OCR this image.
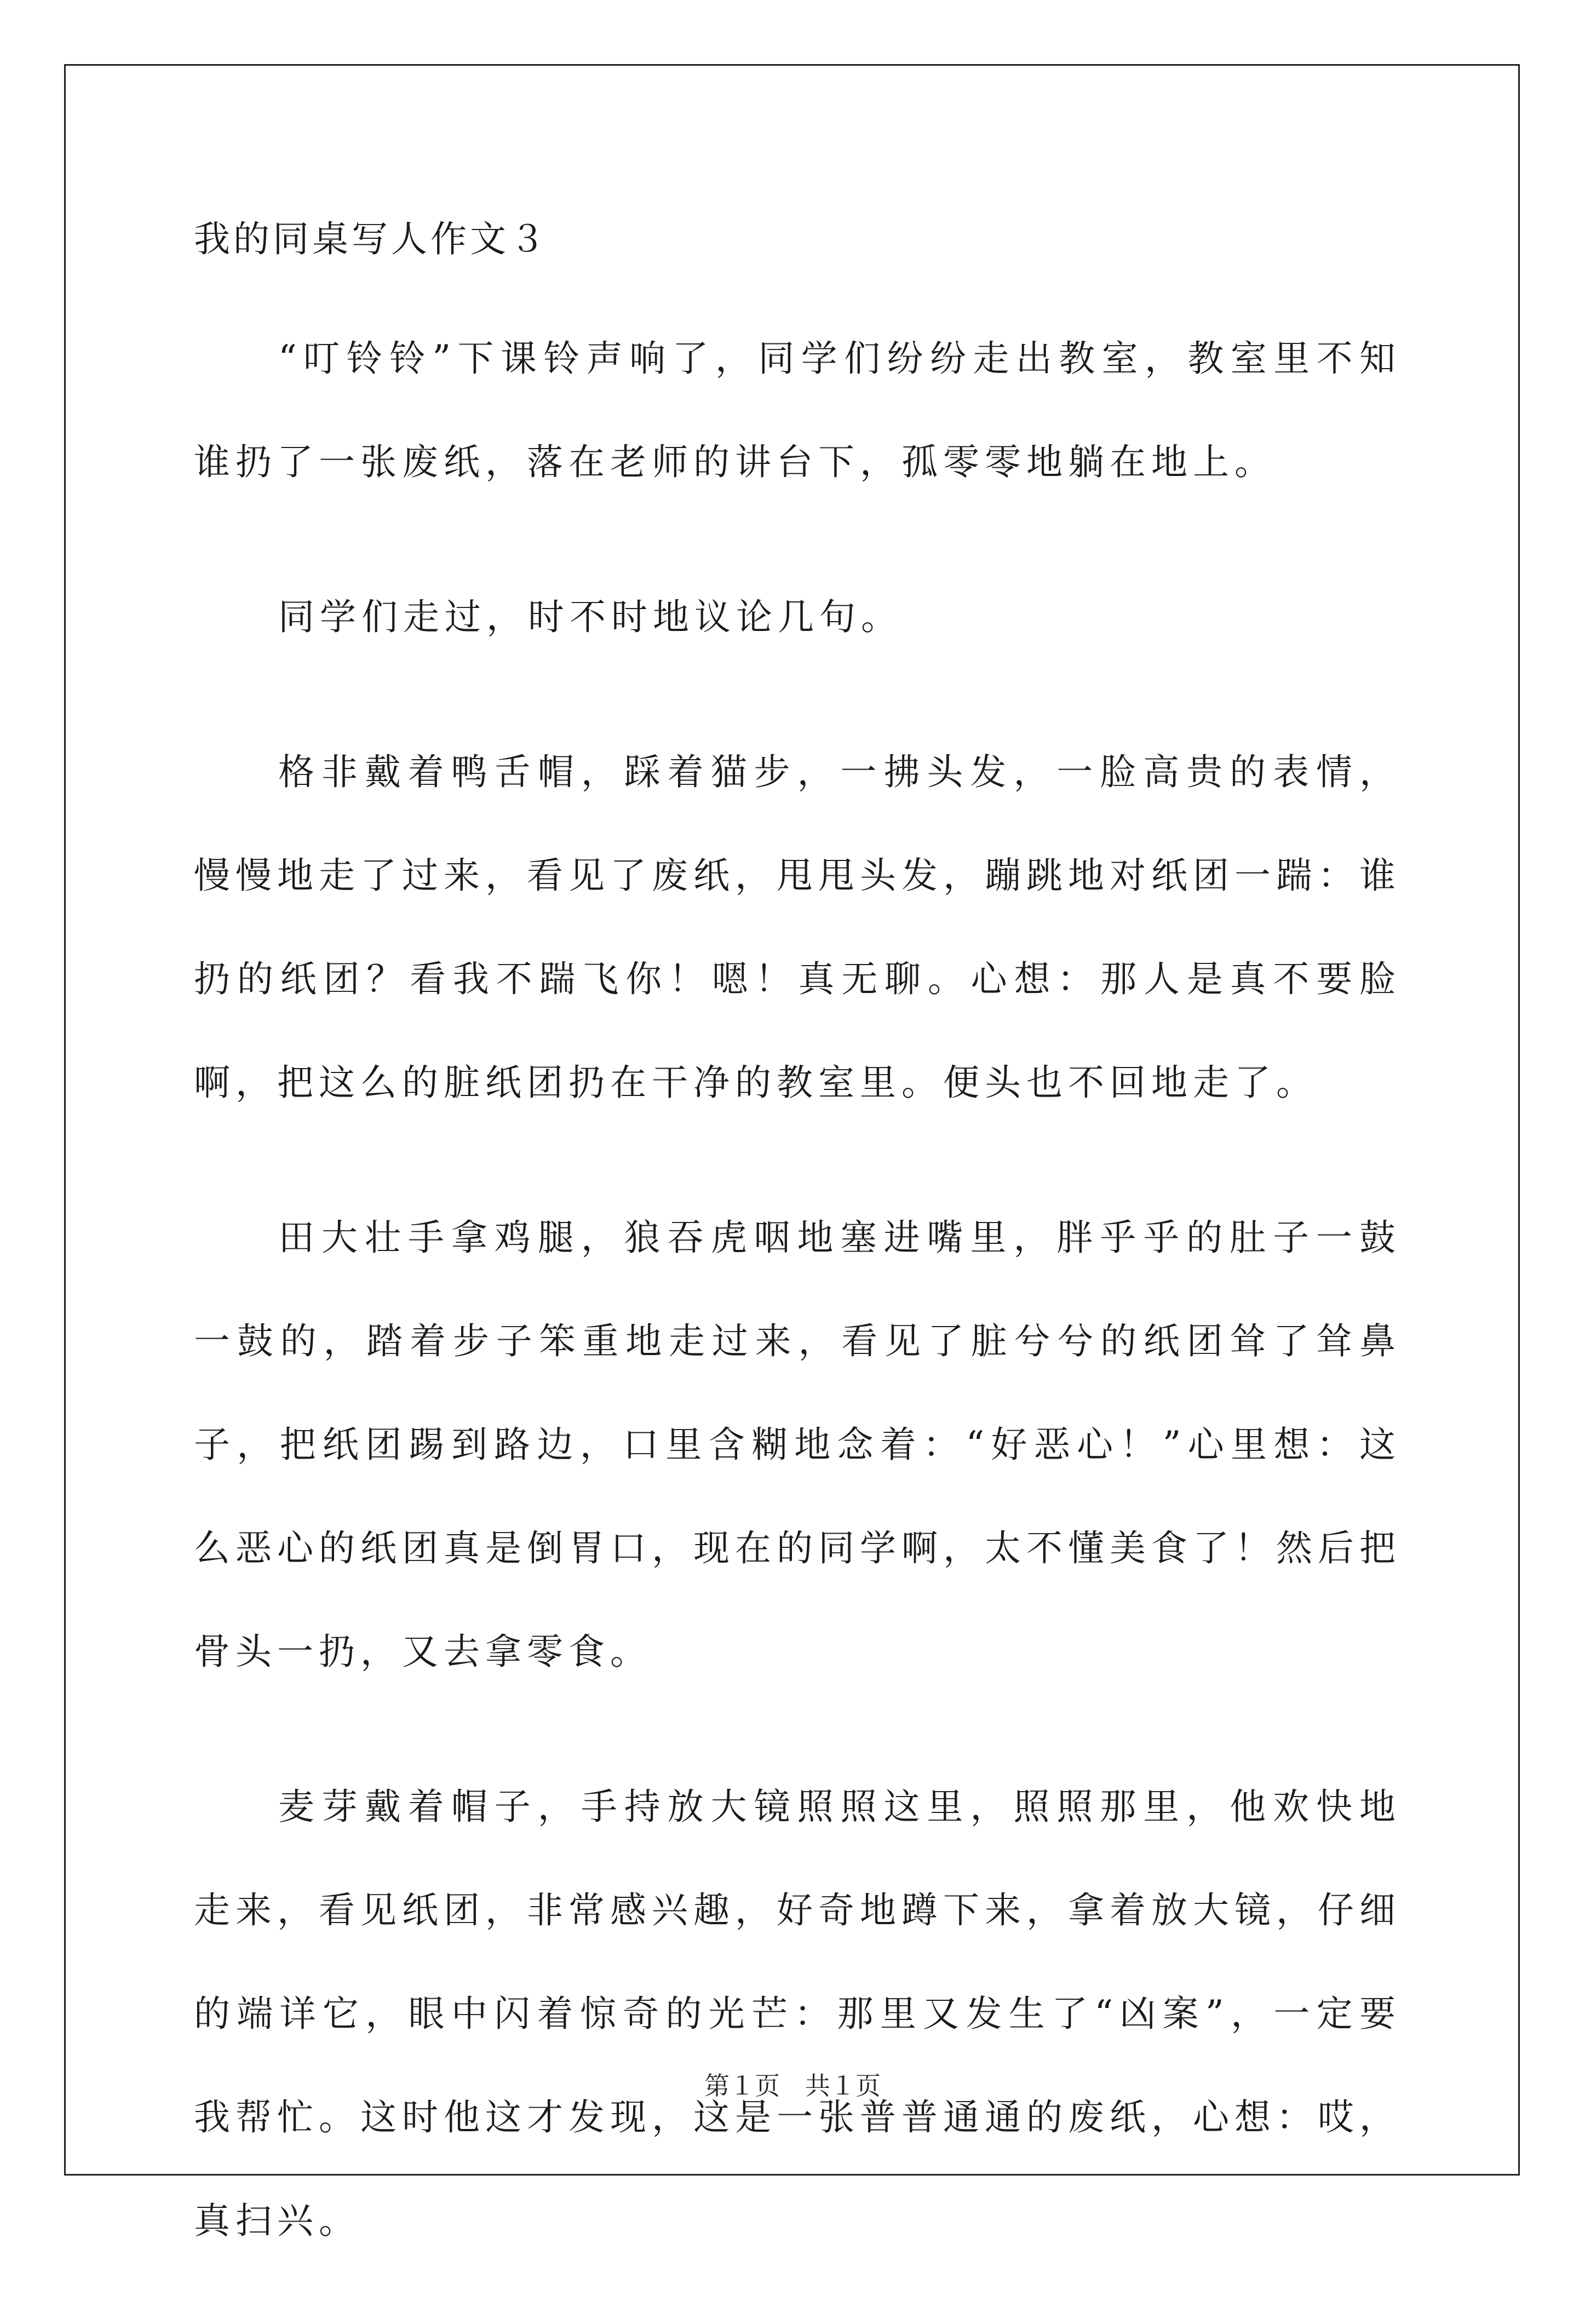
我的同桌写人作文３

“叮铃铃”下课铃声响了，同学们纷纷走出教室，教室里不知谁扔了一张废纸，落在老师的讲台下，孤零零地躺在地上。

同学们走过，时不时地议论几句。

格非戴着鸭舌帽，踩着猫步，一拂头发，一脸高贵的表情，慢慢地走了过来，看见了废纸，甩甩头发，蹦跳地对纸团一踹：谁扔的纸团？看我不踹飞你！嗯！真无聊。心想：那人是真不要脸啊，把这么的脏纸团扔在干净的教室里。便头也不回地走了。

田大壮手拿鸡腿，狼吞虎咽地塞进嘴里，胖乎乎的肚子一鼓一鼓的，踏着步子笨重地走过来，看见了脏兮兮的纸团耸了耸鼻子，把纸团踢到路边，口里含糊地念着：“好恶心！”心里想：这么恶心的纸团真是倒胃口，现在的同学啊，太不懂美食了！然后把骨头一扔，又去拿零食。

麦芽戴着帽子，手持放大镜照照这里，照照那里，他欢快地走来，看见纸团，非常感兴趣，好奇地蹲下来，拿着放大镜，仔细的端详它，眼中闪着惊奇的光芒：那里又发生了“凶案”，一定要我帮忙。这时他这才发现，这是一张普普通通的废纸，心想：哎，真扫兴。

第１页　共１页
